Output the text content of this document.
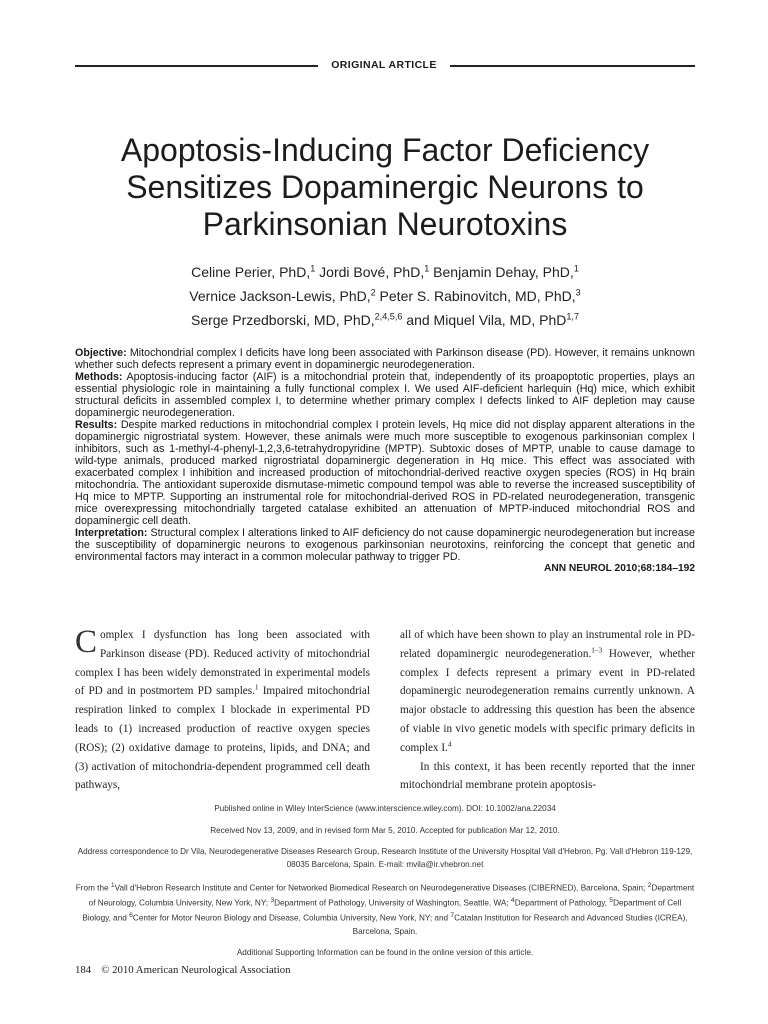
ORIGINAL ARTICLE
Apoptosis-Inducing Factor Deficiency Sensitizes Dopaminergic Neurons to Parkinsonian Neurotoxins
Celine Perier, PhD,$^1$ Jordi Bové, PhD,$^1$ Benjamin Dehay, PhD,$^1$
Vernice Jackson-Lewis, PhD,$^2$ Peter S. Rabinovitch, MD, PhD,$^3$
Serge Przedborski, MD, PhD,$^{2,4,5,6}$ and Miquel Vila, MD, PhD$^{1,7}$

Objective: Mitochondrial complex I deficits have long been associated with Parkinson disease (PD). However, it remains unknown whether such defects represent a primary event in dopaminergic neurodegeneration.

Methods: Apoptosis-inducing factor (AIF) is a mitochondrial protein that, independently of its proapoptotic properties, plays an essential physiologic role in maintaining a fully functional complex I. We used AIF-deficient harlequin (Hq) mice, which exhibit structural deficits in assembled complex I, to determine whether primary complex I defects linked to AIF depletion may cause dopaminergic neurodegeneration.

Results: Despite marked reductions in mitochondrial complex I protein levels, Hq mice did not display apparent alterations in the dopaminergic nigrostriatal system. However, these animals were much more susceptible to exogenous parkinsonian complex I inhibitors, such as 1-methyl-4-phenyl-1,2,3,6-tetrahydropyridine (MPTP). Subtoxic doses of MPTP, unable to cause damage to wild-type animals, produced marked nigrostriatal dopaminergic degeneration in Hq mice. This effect was associated with exacerbated complex I inhibition and increased production of mitochondrial-derived reactive oxygen species (ROS) in Hq brain mitochondria. The antioxidant superoxide dismutase-mimetic compound tempol was able to reverse the increased susceptibility of Hq mice to MPTP. Supporting an instrumental role for mitochondrial-derived ROS in PD-related neurodegeneration, transgenic mice overexpressing mitochondrially targeted catalase exhibited an attenuation of MPTP-induced mitochondrial ROS and dopaminergic cell death.

Interpretation: Structural complex I alterations linked to AIF deficiency do not cause dopaminergic neurodegeneration but increase the susceptibility of dopaminergic neurons to exogenous parkinsonian neurotoxins, reinforcing the concept that genetic and environmental factors may interact in a common molecular pathway to trigger PD.

ANN NEUROL 2010;68:184–192

Complex I dysfunction has long been associated with Parkinson disease (PD). Reduced activity of mitochondrial complex I has been widely demonstrated in experimental models of PD and in postmortem PD samples.$^1$ Impaired mitochondrial respiration linked to complex I blockade in experimental PD leads to (1) increased production of reactive oxygen species (ROS); (2) oxidative damage to proteins, lipids, and DNA; and (3) activation of mitochondria-dependent programmed cell death pathways,

all of which have been shown to play an instrumental role in PD-related dopaminergic neurodegeneration.$^{1-3}$ However, whether complex I defects represent a primary event in PD-related dopaminergic neurodegeneration remains currently unknown. A major obstacle to addressing this question has been the absence of viable in vivo genetic models with specific primary deficits in complex I.$^4$

In this context, it has been recently reported that the inner mitochondrial membrane protein apoptosis-

Published online in Wiley InterScience (www.interscience.wiley.com). DOI: 10.1002/ana.22034

Received Nov 13, 2009, and in revised form Mar 5, 2010. Accepted for publication Mar 12, 2010.

Address correspondence to Dr Vila, Neurodegenerative Diseases Research Group, Research Institute of the University Hospital Vall d'Hebron, Pg. Vall d'Hebron 119-129, 08035 Barcelona, Spain. E-mail: mvila@ir.vhebron.net

From the $^1$Vall d'Hebron Research Institute and Center for Networked Biomedical Research on Neurodegenerative Diseases (CIBERNED), Barcelona, Spain; $^2$Department of Neurology, Columbia University, New York, NY; $^3$Department of Pathology, University of Washington, Seattle, WA; $^4$Department of Pathology, $^5$Department of Cell Biology, and $^6$Center for Motor Neuron Biology and Disease, Columbia University, New York, NY; and $^7$Catalan Institution for Research and Advanced Studies (ICREA), Barcelona, Spain.

Additional Supporting Information can be found in the online version of this article.

184 © 2010 American Neurological Association
